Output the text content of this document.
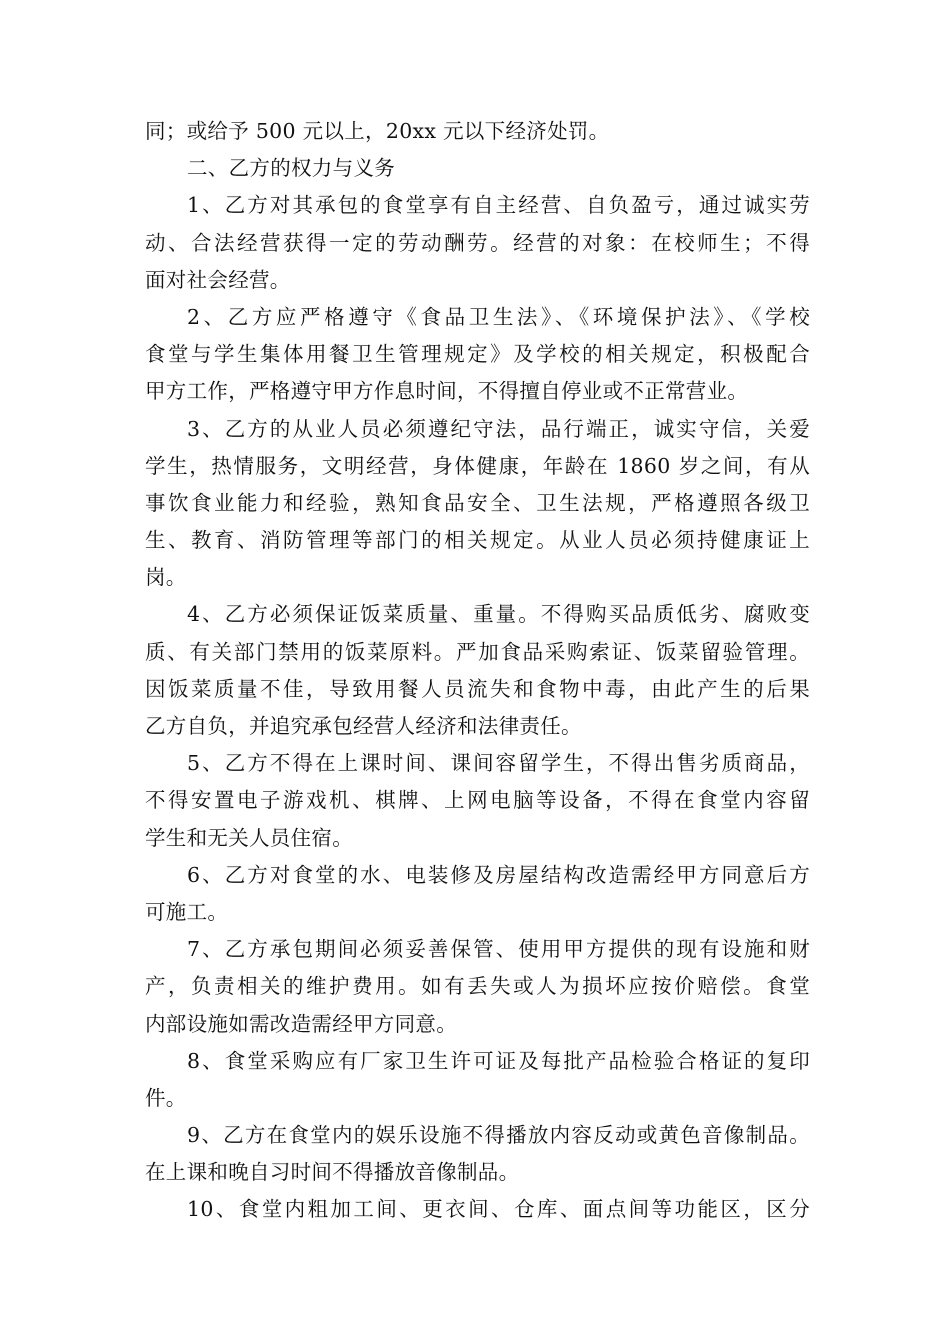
同；或给予 500 元以上，20xx 元以下经济处罚。

二、乙方的权力与义务

1、乙方对其承包的食堂享有自主经营、自负盈亏，通过诚实劳

动、合法经营获得一定的劳动酬劳。经营的对象：在校师生；不得

面对社会经营。

2、乙方应严格遵守《食品卫生法》、《环境保护法》、《学校

食堂与学生集体用餐卫生管理规定》及学校的相关规定，积极配合

甲方工作，严格遵守甲方作息时间，不得擅自停业或不正常营业。

3、乙方的从业人员必须遵纪守法，品行端正，诚实守信，关爱

学生，热情服务，文明经营，身体健康，年龄在 1860 岁之间，有从

事饮食业能力和经验，熟知食品安全、卫生法规，严格遵照各级卫

生、教育、消防管理等部门的相关规定。从业人员必须持健康证上

岗。

4、乙方必须保证饭菜质量、重量。不得购买品质低劣、腐败变

质、有关部门禁用的饭菜原料。严加食品采购索证、饭菜留验管理。

因饭菜质量不佳，导致用餐人员流失和食物中毒，由此产生的后果

乙方自负，并追究承包经营人经济和法律责任。

5、乙方不得在上课时间、课间容留学生，不得出售劣质商品，

不得安置电子游戏机、棋牌、上网电脑等设备，不得在食堂内容留

学生和无关人员住宿。

6、乙方对食堂的水、电装修及房屋结构改造需经甲方同意后方

可施工。

7、乙方承包期间必须妥善保管、使用甲方提供的现有设施和财

产，负责相关的维护费用。如有丢失或人为损坏应按价赔偿。食堂

内部设施如需改造需经甲方同意。

8、食堂采购应有厂家卫生许可证及每批产品检验合格证的复印

件。

9、乙方在食堂内的娱乐设施不得播放内容反动或黄色音像制品。

在上课和晚自习时间不得播放音像制品。

10、食堂内粗加工间、更衣间、仓库、面点间等功能区，区分
